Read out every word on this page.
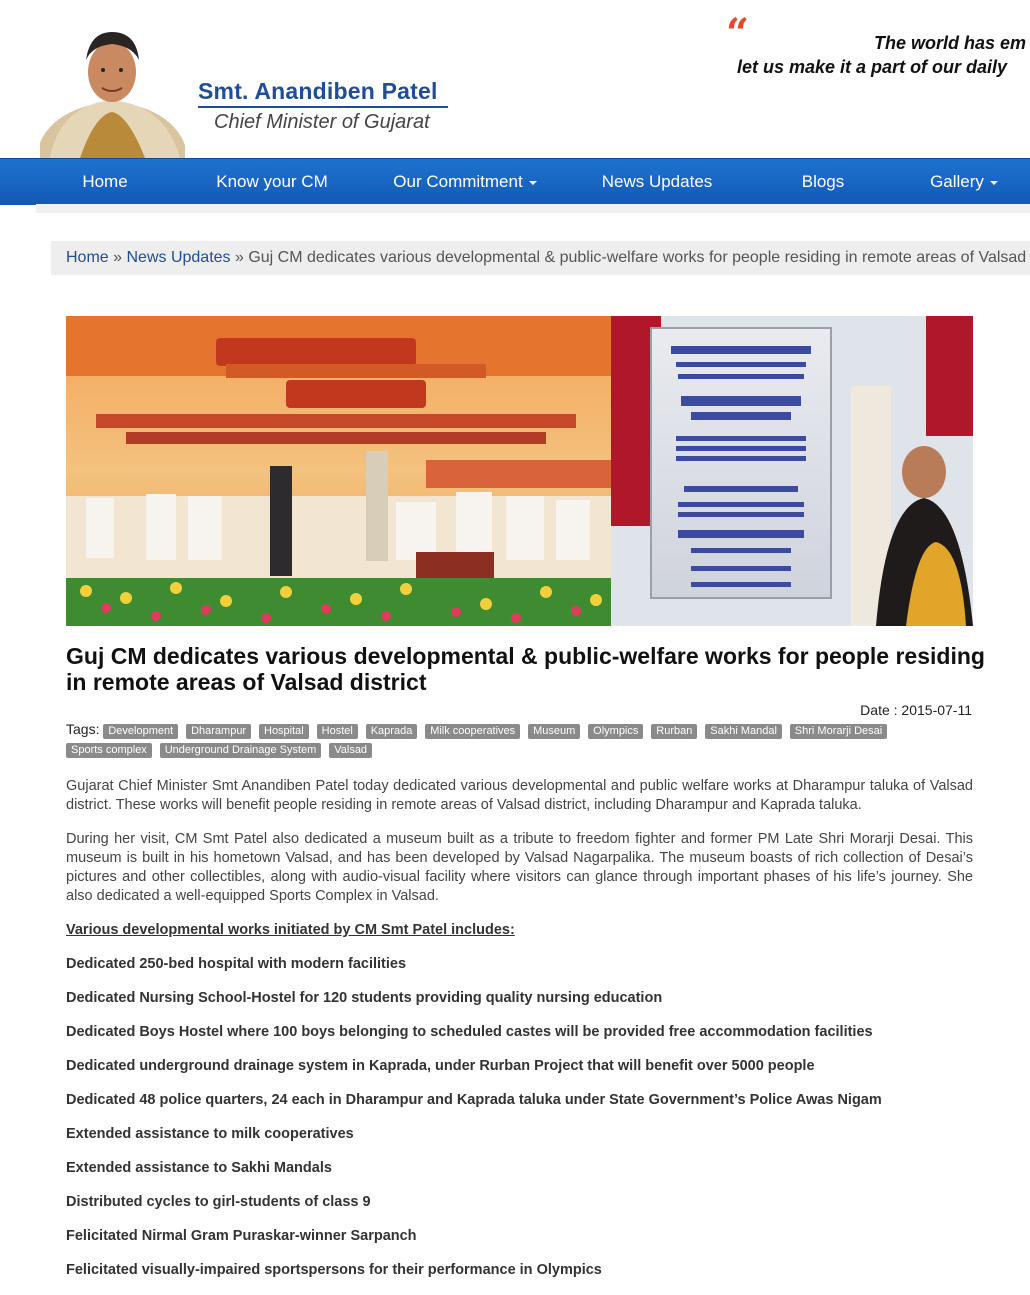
Smt. Anandiben Patel
Chief Minister of Gujarat
“	The world has em
let us make it a part of our daily
Home	Know your CM	Our Commitment	News Updates	Blogs	Gallery
Home » News Updates » Guj CM dedicates various developmental & public-welfare works for people residing in remote areas of Valsad
Guj CM dedicates various developmental & public-welfare works for people residing in remote areas of Valsad district
Date : 2015-07-11
Tags: Development Dharampur Hospital Hostel Kaprada Milk cooperatives Museum Olympics Rurban Sakhi Mandal Shri Morarji Desai Sports complex Underground Drainage System Valsad

Gujarat Chief Minister Smt Anandiben Patel today dedicated various developmental and public welfare works at Dharampur taluka of Valsad district. These works will benefit people residing in remote areas of Valsad district, including Dharampur and Kaprada taluka.

During her visit, CM Smt Patel also dedicated a museum built as a tribute to freedom fighter and former PM Late Shri Morarji Desai. This museum is built in his hometown Valsad, and has been developed by Valsad Nagarpalika. The museum boasts of rich collection of Desai’s pictures and other collectibles, along with audio-visual facility where visitors can glance through important phases of his life’s journey. She also dedicated a well-equipped Sports Complex in Valsad.

Various developmental works initiated by CM Smt Patel includes:
Dedicated 250-bed hospital with modern facilities
Dedicated Nursing School-Hostel for 120 students providing quality nursing education
Dedicated Boys Hostel where 100 boys belonging to scheduled castes will be provided free accommodation facilities
Dedicated underground drainage system in Kaprada, under Rurban Project that will benefit over 5000 people
Dedicated 48 police quarters, 24 each in Dharampur and Kaprada taluka under State Government’s Police Awas Nigam
Extended assistance to milk cooperatives
Extended assistance to Sakhi Mandals
Distributed cycles to girl-students of class 9
Felicitated Nirmal Gram Puraskar-winner Sarpanch
Felicitated visually-impaired sportspersons for their performance in Olympics
